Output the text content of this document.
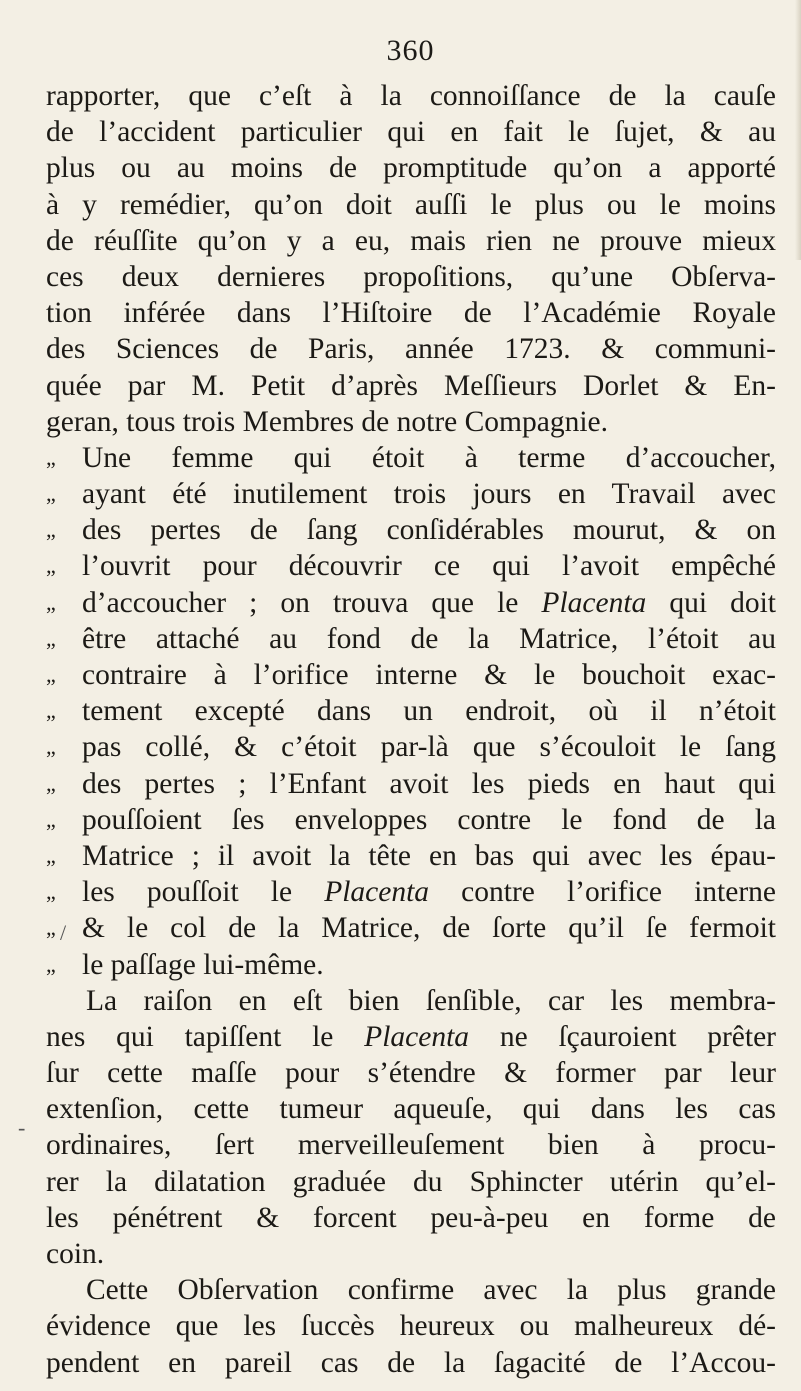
360
rapporter, que c’eſt à la connoiſſance de la cauſe
de l’accident particulier qui en fait le ſujet, & au
plus ou au moins de promptitude qu’on a apporté
à y remédier, qu’on doit auſſi le plus ou le moins
de réuſſite qu’on y a eu, mais rien ne prouve mieux
ces deux dernieres propoſitions, qu’une Obſerva-
tion inférée dans l’Hiſtoire de l’Académie Royale
des Sciences de Paris, année 1723. & communi-
quée par M. Petit d’après Meſſieurs Dorlet & En-
geran, tous trois Membres de notre Compagnie.
„ Une femme qui étoit à terme d’accoucher,
„ ayant été inutilement trois jours en Travail avec
„ des pertes de ſang conſidérables mourut, & on
„ l’ouvrit pour découvrir ce qui l’avoit empêché
„ d’accoucher ; on trouva que le Placenta qui doit
„ être attaché au fond de la Matrice, l’étoit au
„ contraire à l’orifice interne & le bouchoit exac-
„ tement excepté dans un endroit, où il n’étoit
„ pas collé, & c’étoit par-là que s’écouloit le ſang
„ des pertes ; l’Enfant avoit les pieds en haut qui
„ pouſſoient ſes enveloppes contre le fond de la
„ Matrice ; il avoit la tête en bas qui avec les épau-
„ les pouſſoit le Placenta contre l’orifice interne
„ & le col de la Matrice, de ſorte qu’il ſe fermoit
„ le paſſage lui-même.
La raiſon en eſt bien ſenſible, car les membra-
nes qui tapiſſent le Placenta ne ſçauroient prêter
ſur cette maſſe pour s’étendre & former par leur
extenſion, cette tumeur aqueuſe, qui dans les cas
ordinaires, ſert merveilleuſement bien à procu-
rer la dilatation graduée du Sphincter utérin qu’el-
les pénétrent & forcent peu-à-peu en forme de
coin.
Cette Obſervation confirme avec la plus grande
évidence que les ſuccès heureux ou malheureux dé-
pendent en pareil cas de la ſagacité de l’Accou-
/
-
